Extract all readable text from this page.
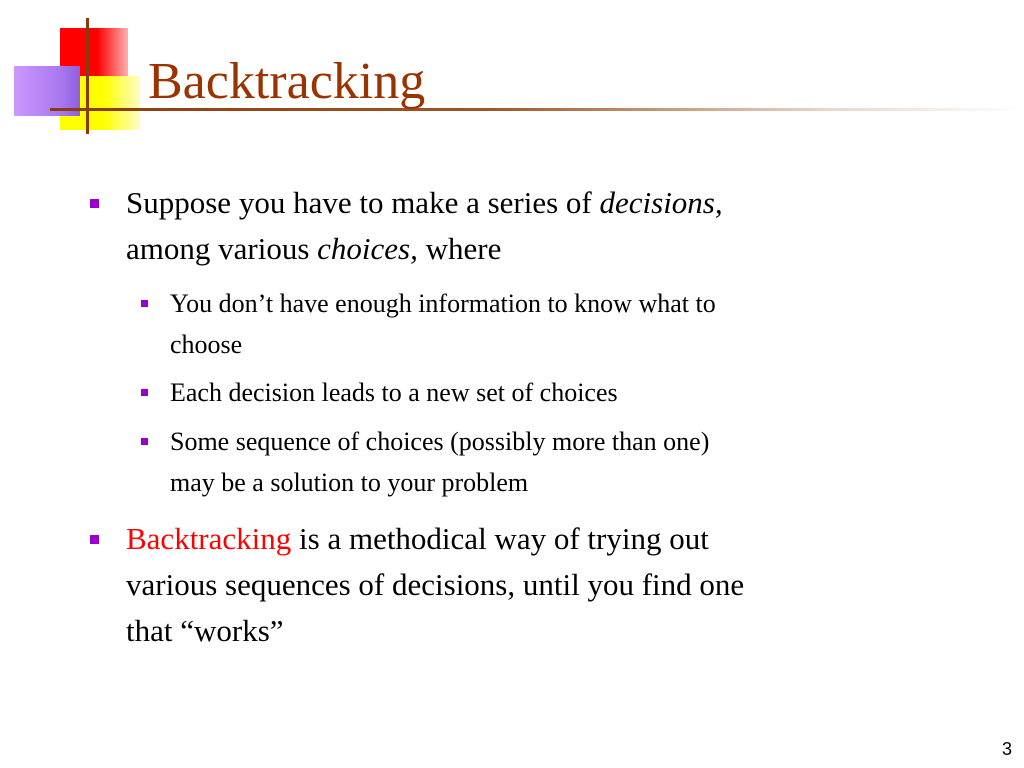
Backtracking
Suppose you have to make a series of decisions,
among various choices, where
You don’t have enough information to know what to
choose
Each decision leads to a new set of choices
Some sequence of choices (possibly more than one)
may be a solution to your problem
Backtracking is a methodical way of trying out
various sequences of decisions, until you find one
that “works”
3
